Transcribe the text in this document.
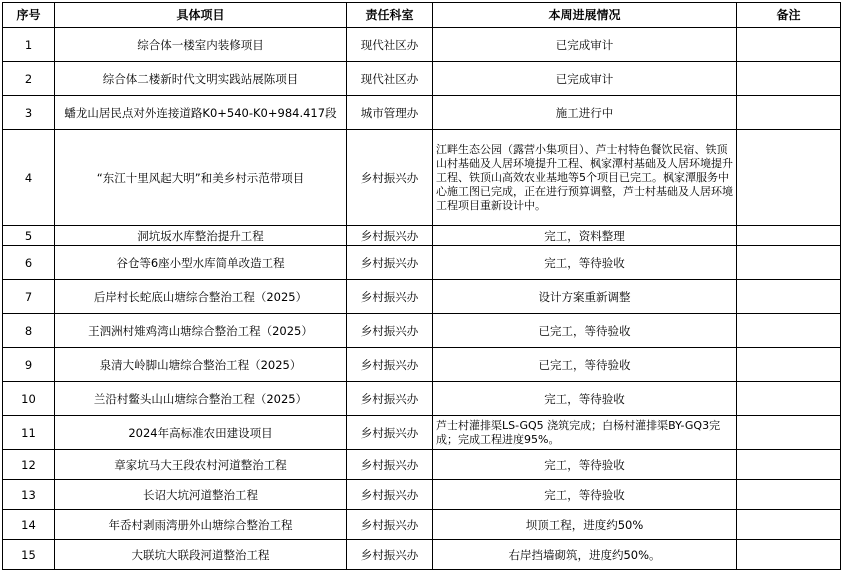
序号	具体项目	责任科室	本周进展情况	备注
1	综合体一楼室内装修项目	现代社区办	已完成审计	
2	综合体二楼新时代文明实践站展陈项目	现代社区办	已完成审计	
3	蟠龙山居民点对外连接道路K0+540-K0+984.417段	城市管理办	施工进行中	
4	“东江十里风起大明”和美乡村示范带项目	乡村振兴办	江畔生态公园（露营小集项目）、芦士村特色餐饮民宿、铁顶山村基础及人居环境提升工程、枫家潭村基础及人居环境提升工程、铁顶山高效农业基地等5个项目已完工。枫家潭服务中心施工图已完成，正在进行预算调整，芦士村基础及人居环境工程项目重新设计中。	
5	洞坑坂水库整治提升工程	乡村振兴办	完工，资料整理	
6	谷仓等6座小型水库简单改造工程	乡村振兴办	完工，等待验收	
7	后岸村长蛇底山塘综合整治工程（2025）	乡村振兴办	设计方案重新调整	
8	王泗洲村雉鸡湾山塘综合整治工程（2025）	乡村振兴办	已完工，等待验收	
9	泉清大岭脚山塘综合整治工程（2025）	乡村振兴办	已完工，等待验收	
10	兰沿村鳖头山山塘综合整治工程（2025）	乡村振兴办	完工，等待验收	
11	2024年高标准农田建设项目	乡村振兴办	芦士村灌排渠LS-GQ5 浇筑完成；白杨村灌排渠BY-GQ3完成；完成工程进度95%。	
12	章家坑马大王段农村河道整治工程	乡村振兴办	完工，等待验收	
13	长诏大坑河道整治工程	乡村振兴办	完工，等待验收	
14	年岙村剥雨湾册外山塘综合整治工程	乡村振兴办	坝顶工程，进度约50%	
15	大联坑大联段河道整治工程	乡村振兴办	右岸挡墙砌筑，进度约50%。	
